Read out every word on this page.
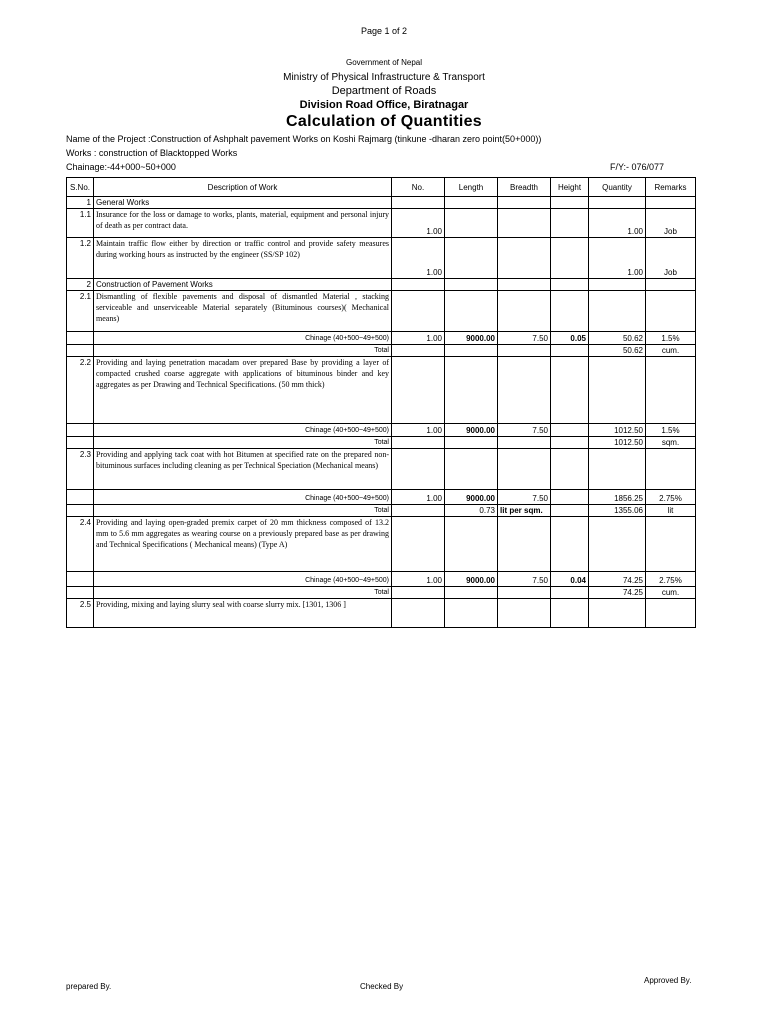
Page 1 of 2
Government of Nepal
Ministry of Physical Infrastructure & Transport
Department of Roads
Division Road Office, Biratnagar
Calculation of Quantities
Name of the Project :Construction of Ashphalt pavement Works on Koshi Rajmarg (tinkune -dharan zero point(50+000))
Works : construction of Blacktopped Works
Chainage:-44+000~50+000	F/Y:- 076/077
S.No.	Description of Work	No.	Length	Breadth	Height	Quantity	Remarks
1	General Works						
1.1	Insurance for the loss or damage to works, plants, material, equipment and personal injury of death as per contract data.	1.00				1.00	Job
1.2	Maintain traffic flow either by direction or traffic control and provide safety measures during working hours as instructed by the engineer (SS/SP 102)	1.00				1.00	Job
2	Construction of Pavement Works						
2.1	Dismantling of flexible pavements and disposal of dismantled Material , stacking serviceable and unserviceable Material separately (Bituminous courses)( Mechanical means)						
	Chinage (40+500~49+500)	1.00	9000.00	7.50	0.05	50.62	1.5%
	Total					50.62	cum.
2.2	Providing and laying penetration macadam over prepared Base by providing a layer of compacted crushed coarse aggregate with applications of bituminous binder and key aggregates as per Drawing and Technical Specifications. (50 mm thick)						
	Chinage (40+500~49+500)	1.00	9000.00	7.50		1012.50	1.5%
	Total					1012.50	sqm.
2.3	Providing and applying tack coat with hot Bitumen at specified rate on the prepared non-bituminous surfaces including cleaning as per Technical Speciation (Mechanical means)						
	Chinage (40+500~49+500)	1.00	9000.00	7.50		1856.25	2.75%
	Total		0.73	lit per sqm.		1355.06	lit
2.4	Providing and laying open-graded premix carpet of 20 mm thickness composed of 13.2 mm to 5.6 mm aggregates as wearing course on a previously prepared base as per drawing and Technical Specifications ( Mechanical means) (Type A)						
	Chinage (40+500~49+500)	1.00	9000.00	7.50	0.04	74.25	2.75%
	Total					74.25	cum.
2.5	Providing, mixing and laying slurry seal with coarse slurry mix. [1301, 1306 ]						
prepared By.	Checked By
Approved By.
